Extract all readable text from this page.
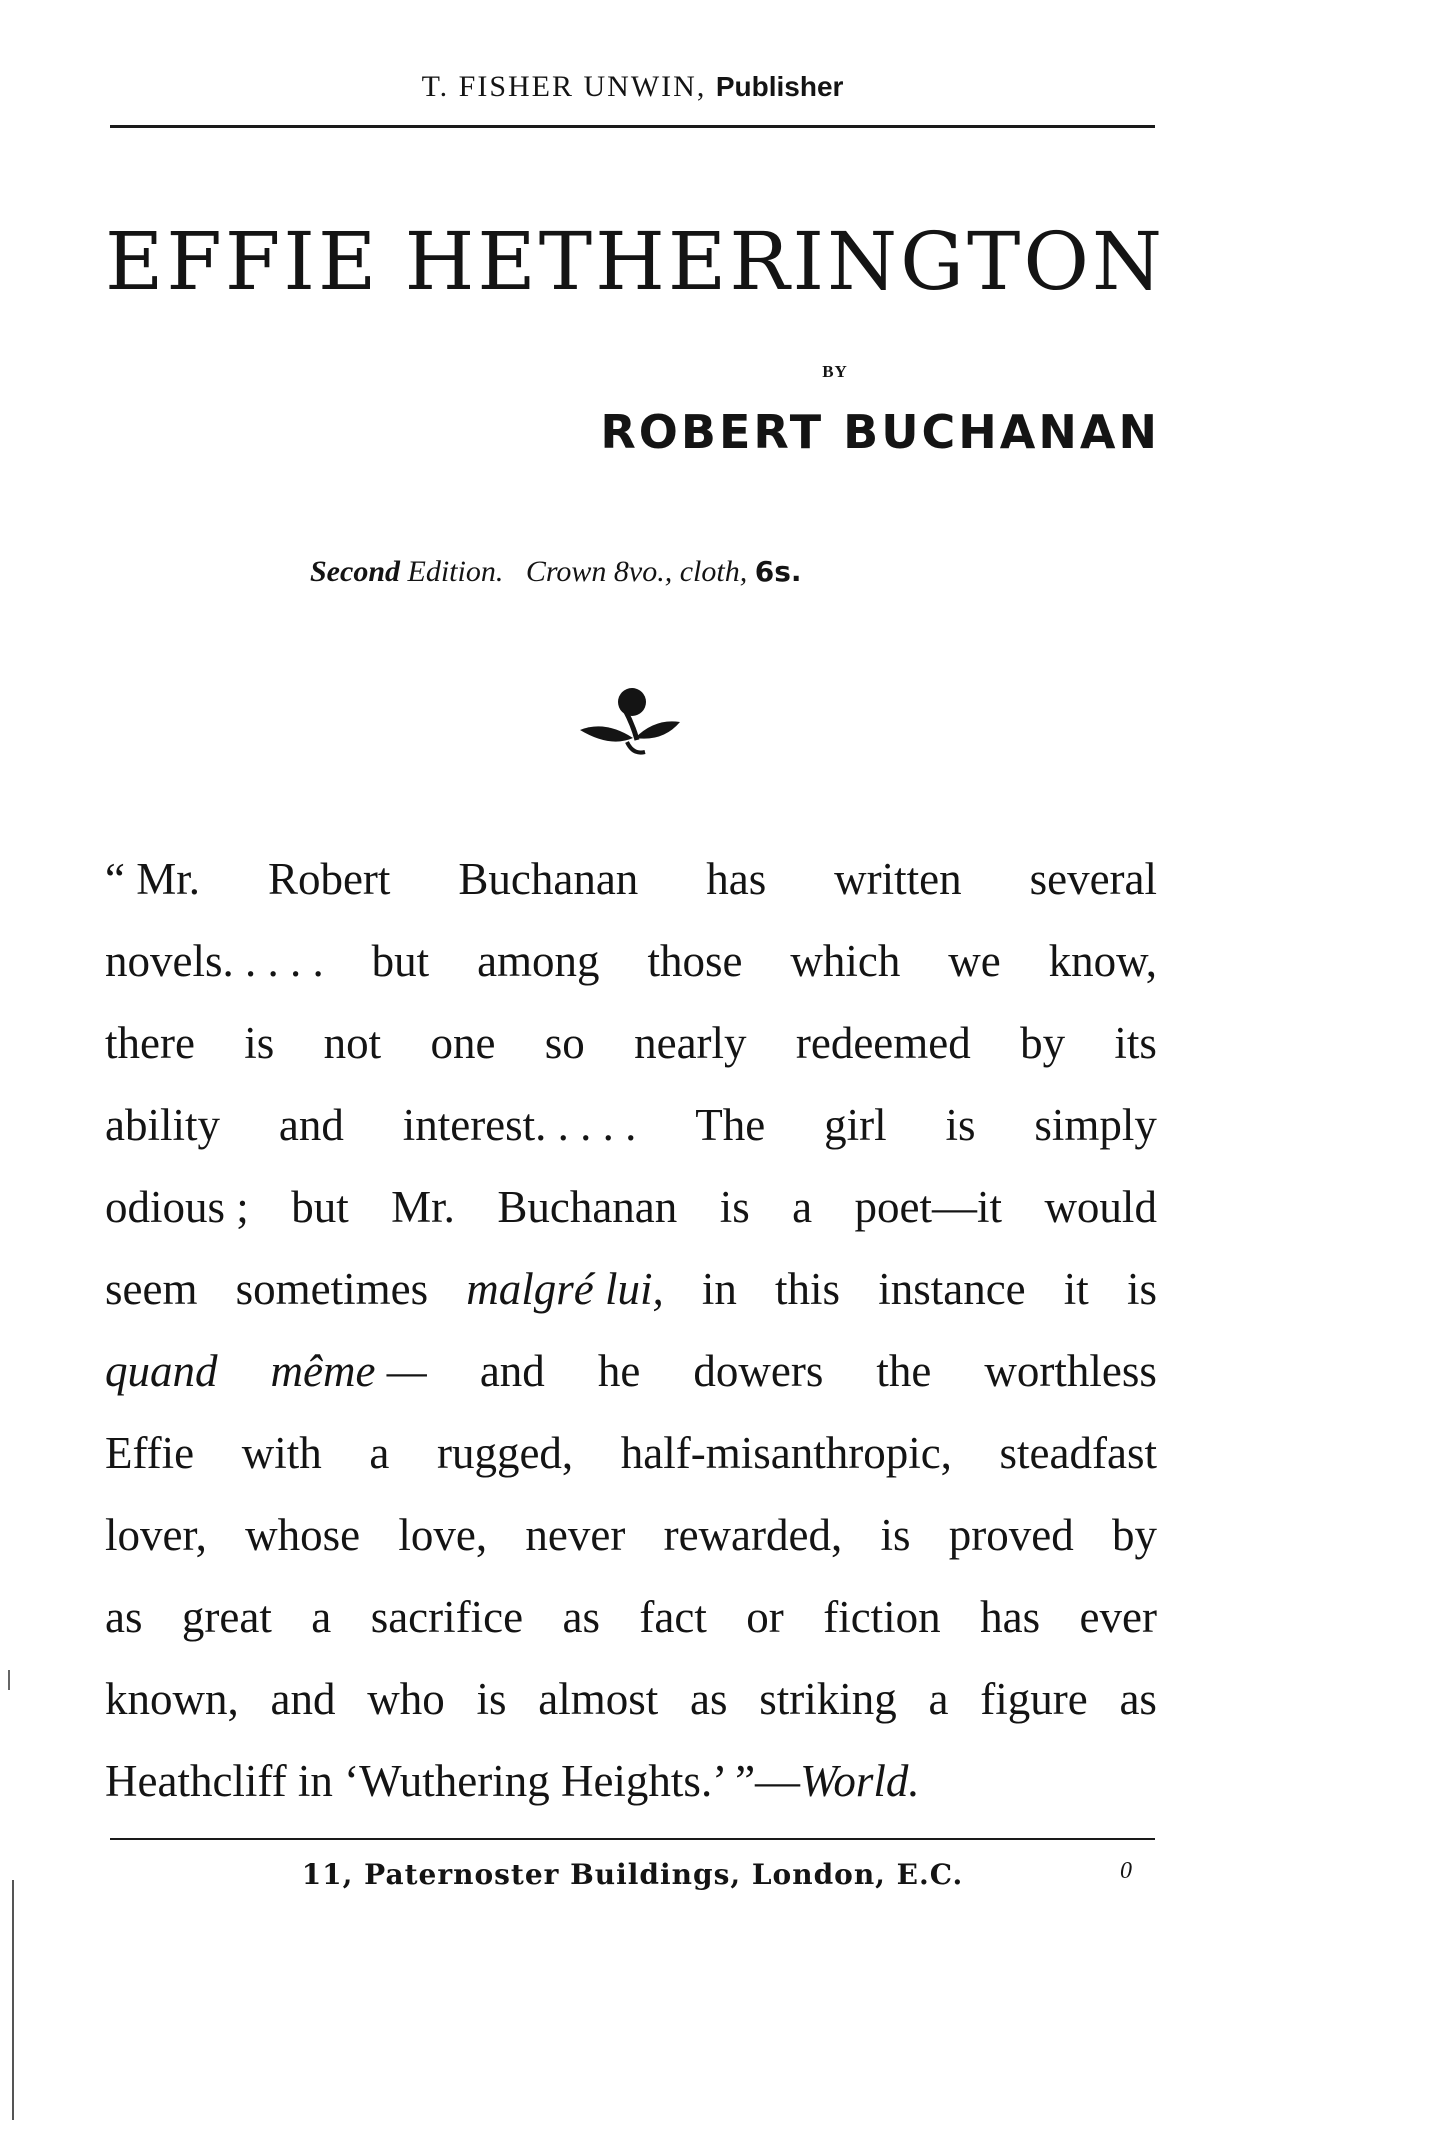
T. FISHER UNWIN, Publisher
EFFIE HETHERINGTON
BY
ROBERT BUCHANAN
Second Edition. Crown 8vo., cloth, 6s.
“ Mr. Robert Buchanan has written several
novels. . . . . but among those which we know,
there is not one so nearly redeemed by its
ability and interest. . . . . The girl is simply
odious ; but Mr. Buchanan is a poet—it would
seem sometimes malgré lui, in this instance it is
quand même — and he dowers the worthless
Effie with a rugged, half-misanthropic, steadfast
lover, whose love, never rewarded, is proved by
as great a sacrifice as fact or fiction has ever
known, and who is almost as striking a figure as
Heathcliff in ‘Wuthering Heights.’ ”— World.
11, Paternoster Buildings, London, E.C.	0
